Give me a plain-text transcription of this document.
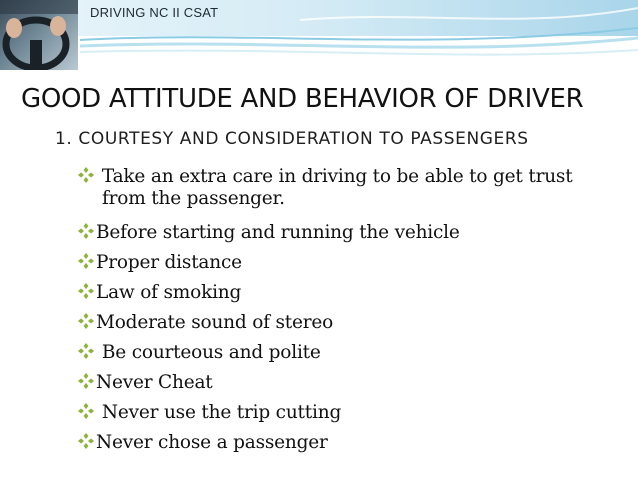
DRIVING NC II CSAT
GOOD ATTITUDE AND BEHAVIOR OF DRIVER
1. COURTESY AND CONSIDERATION TO PASSENGERS
Take an extra care in driving to be able to get trust from the passenger.
Before starting and running the vehicle
Proper distance
Law of smoking
Moderate sound of stereo
Be courteous and polite
Never Cheat
Never use the trip cutting
Never chose a passenger
